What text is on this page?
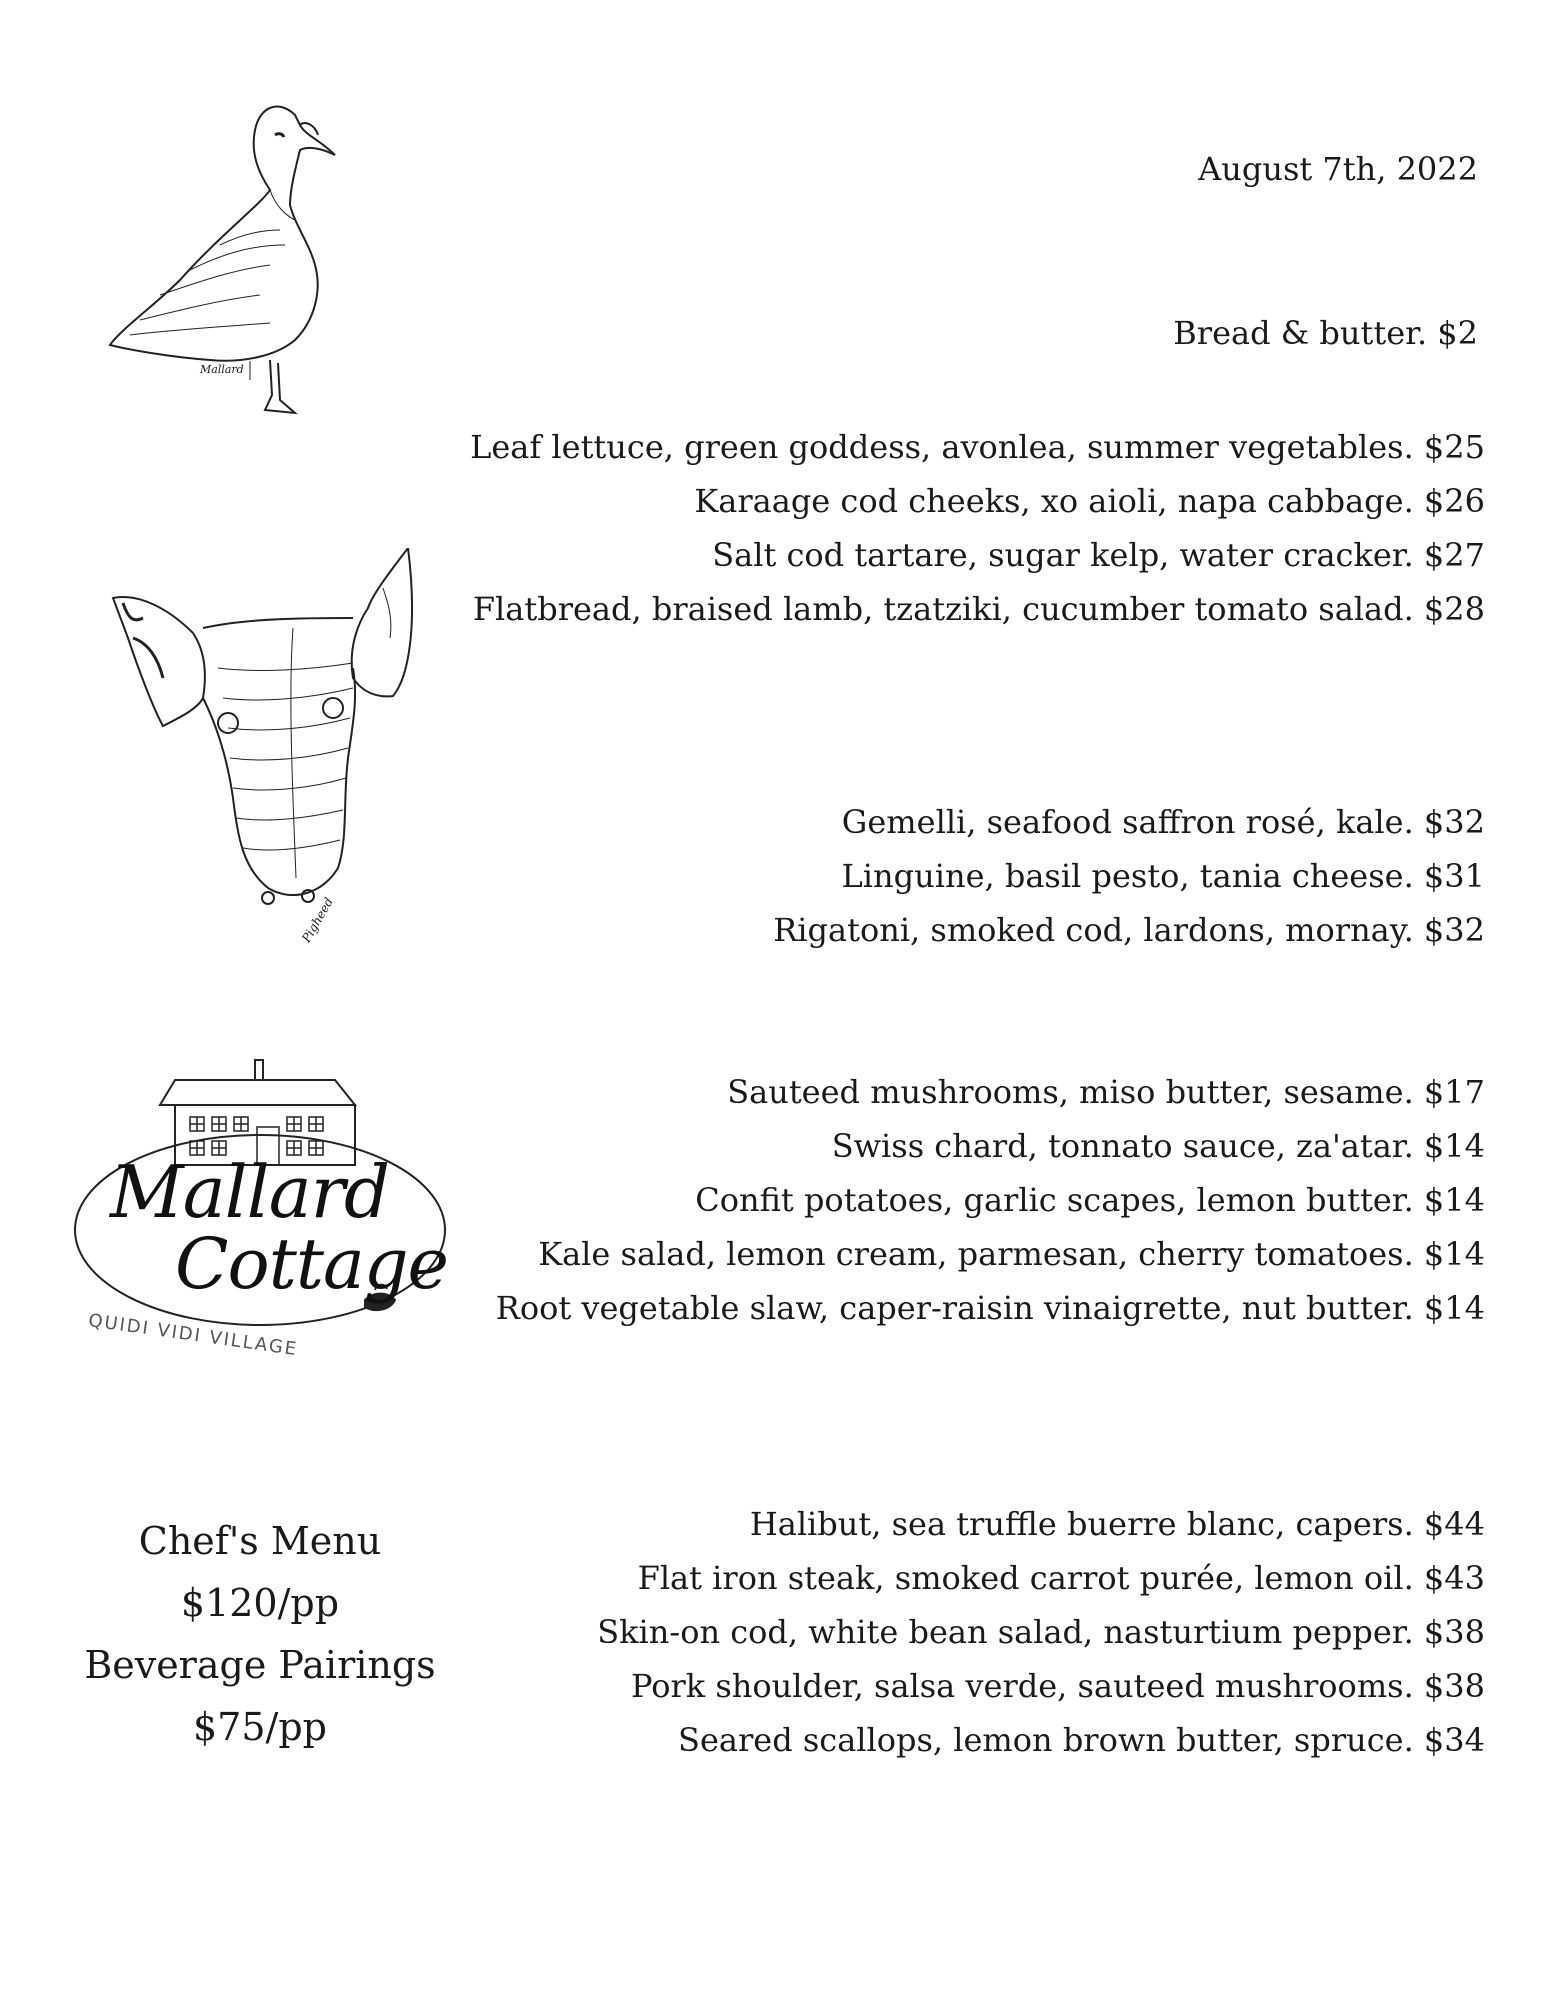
Mallard
Pigheed
Mallard
Cottage
QUIDI VIDI VILLAGE
August 7th, 2022
Bread & butter. $2
Leaf lettuce, green goddess, avonlea, summer vegetables. $25
Karaage cod cheeks, xo aioli, napa cabbage. $26
Salt cod tartare, sugar kelp, water cracker. $27
Flatbread, braised lamb, tzatziki, cucumber tomato salad. $28
Gemelli, seafood saffron rosé, kale. $32
Linguine, basil pesto, tania cheese. $31
Rigatoni, smoked cod, lardons, mornay. $32
Sauteed mushrooms, miso butter, sesame. $17
Swiss chard, tonnato sauce, za'atar. $14
Confit potatoes, garlic scapes, lemon butter. $14
Kale salad, lemon cream, parmesan, cherry tomatoes. $14
Root vegetable slaw, caper-raisin vinaigrette, nut butter. $14
Halibut, sea truffle buerre blanc, capers. $44
Flat iron steak, smoked carrot purée, lemon oil. $43
Skin-on cod, white bean salad, nasturtium pepper. $38
Pork shoulder, salsa verde, sauteed mushrooms. $38
Seared scallops, lemon brown butter, spruce. $34
Chef's Menu
$120/pp
Beverage Pairings
$75/pp
